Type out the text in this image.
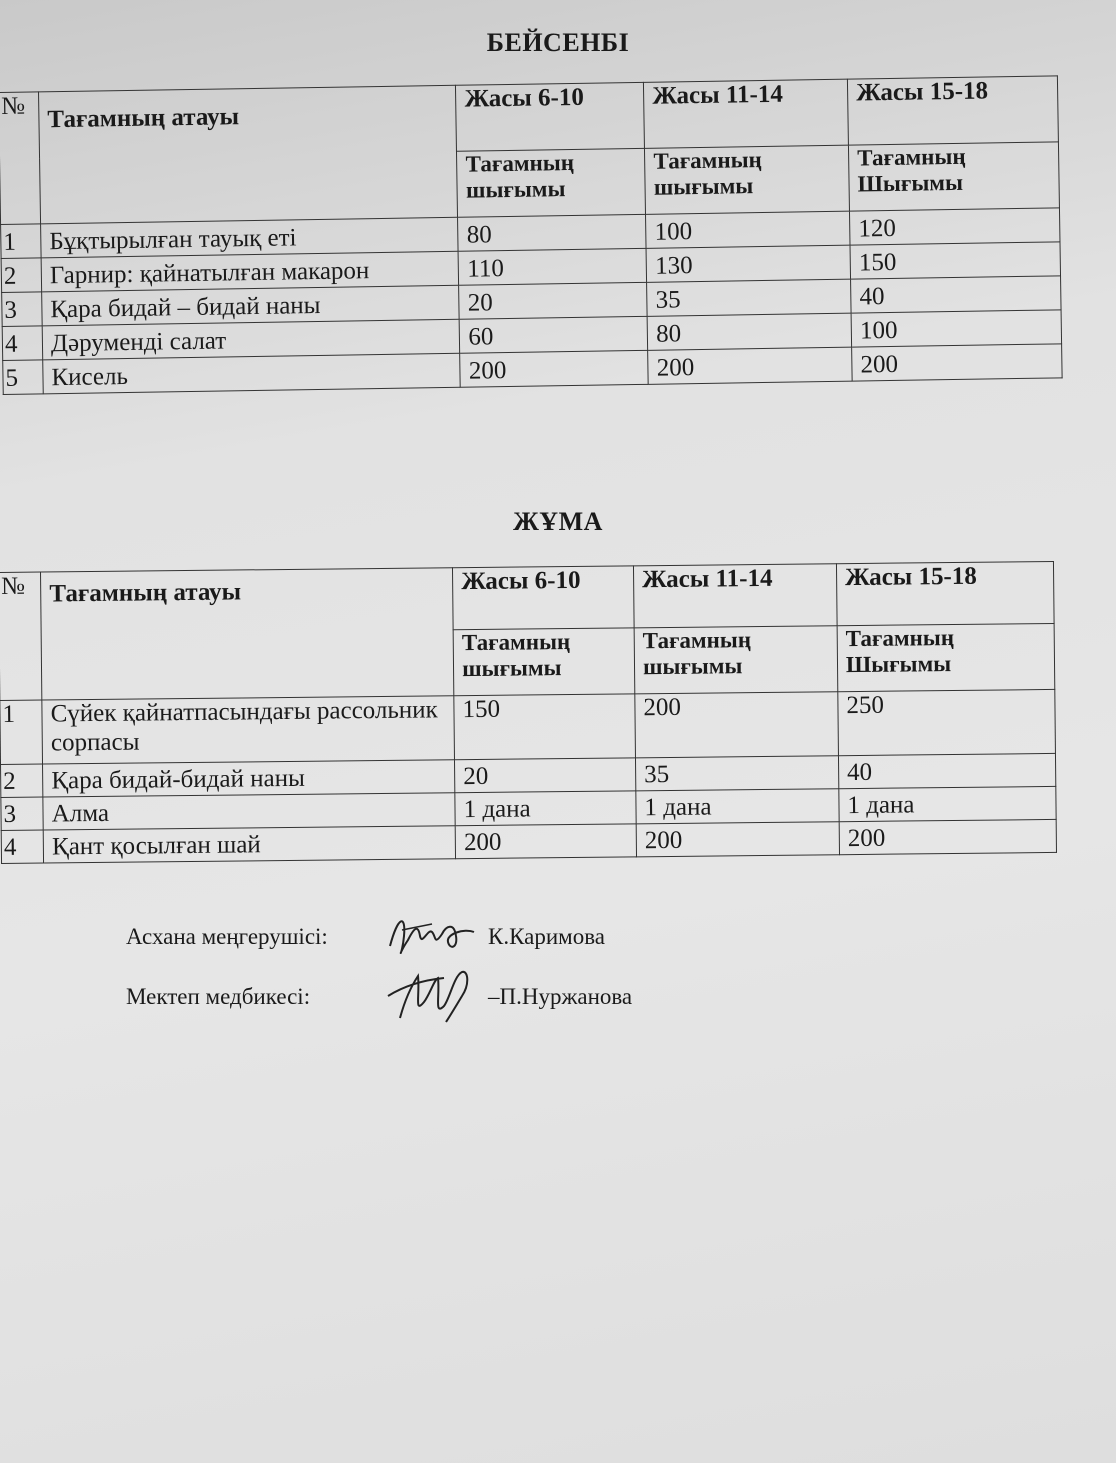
БЕЙСЕНБІ
№	Тағамның атауы	Жасы 6-10	Жасы 11-14	Жасы 15-18
		Тағамның шығымы	Тағамның шығымы	Тағамның Шығымы
1	Бұқтырылған тауық еті	80	100	120
2	Гарнир: қайнатылған макарон	110	130	150
3	Қара бидай – бидай наны	20	35	40
4	Дәруменді салат	60	80	100
5	Кисель	200	200	200
ЖҰМА
№	Тағамның атауы	Жасы 6-10	Жасы 11-14	Жасы 15-18
		Тағамның шығымы	Тағамның шығымы	Тағамның Шығымы
1	Сүйек қайнатпасындағы рассольник сорпасы	150	200	250
2	Қара бидай-бидай наны	20	35	40
3	Алма	1 дана	1 дана	1 дана
4	Қант қосылған шай	200	200	200
Асхана меңгерушісі:	К.Каримова
Мектеп медбикесі:	–П.Нуржанова
